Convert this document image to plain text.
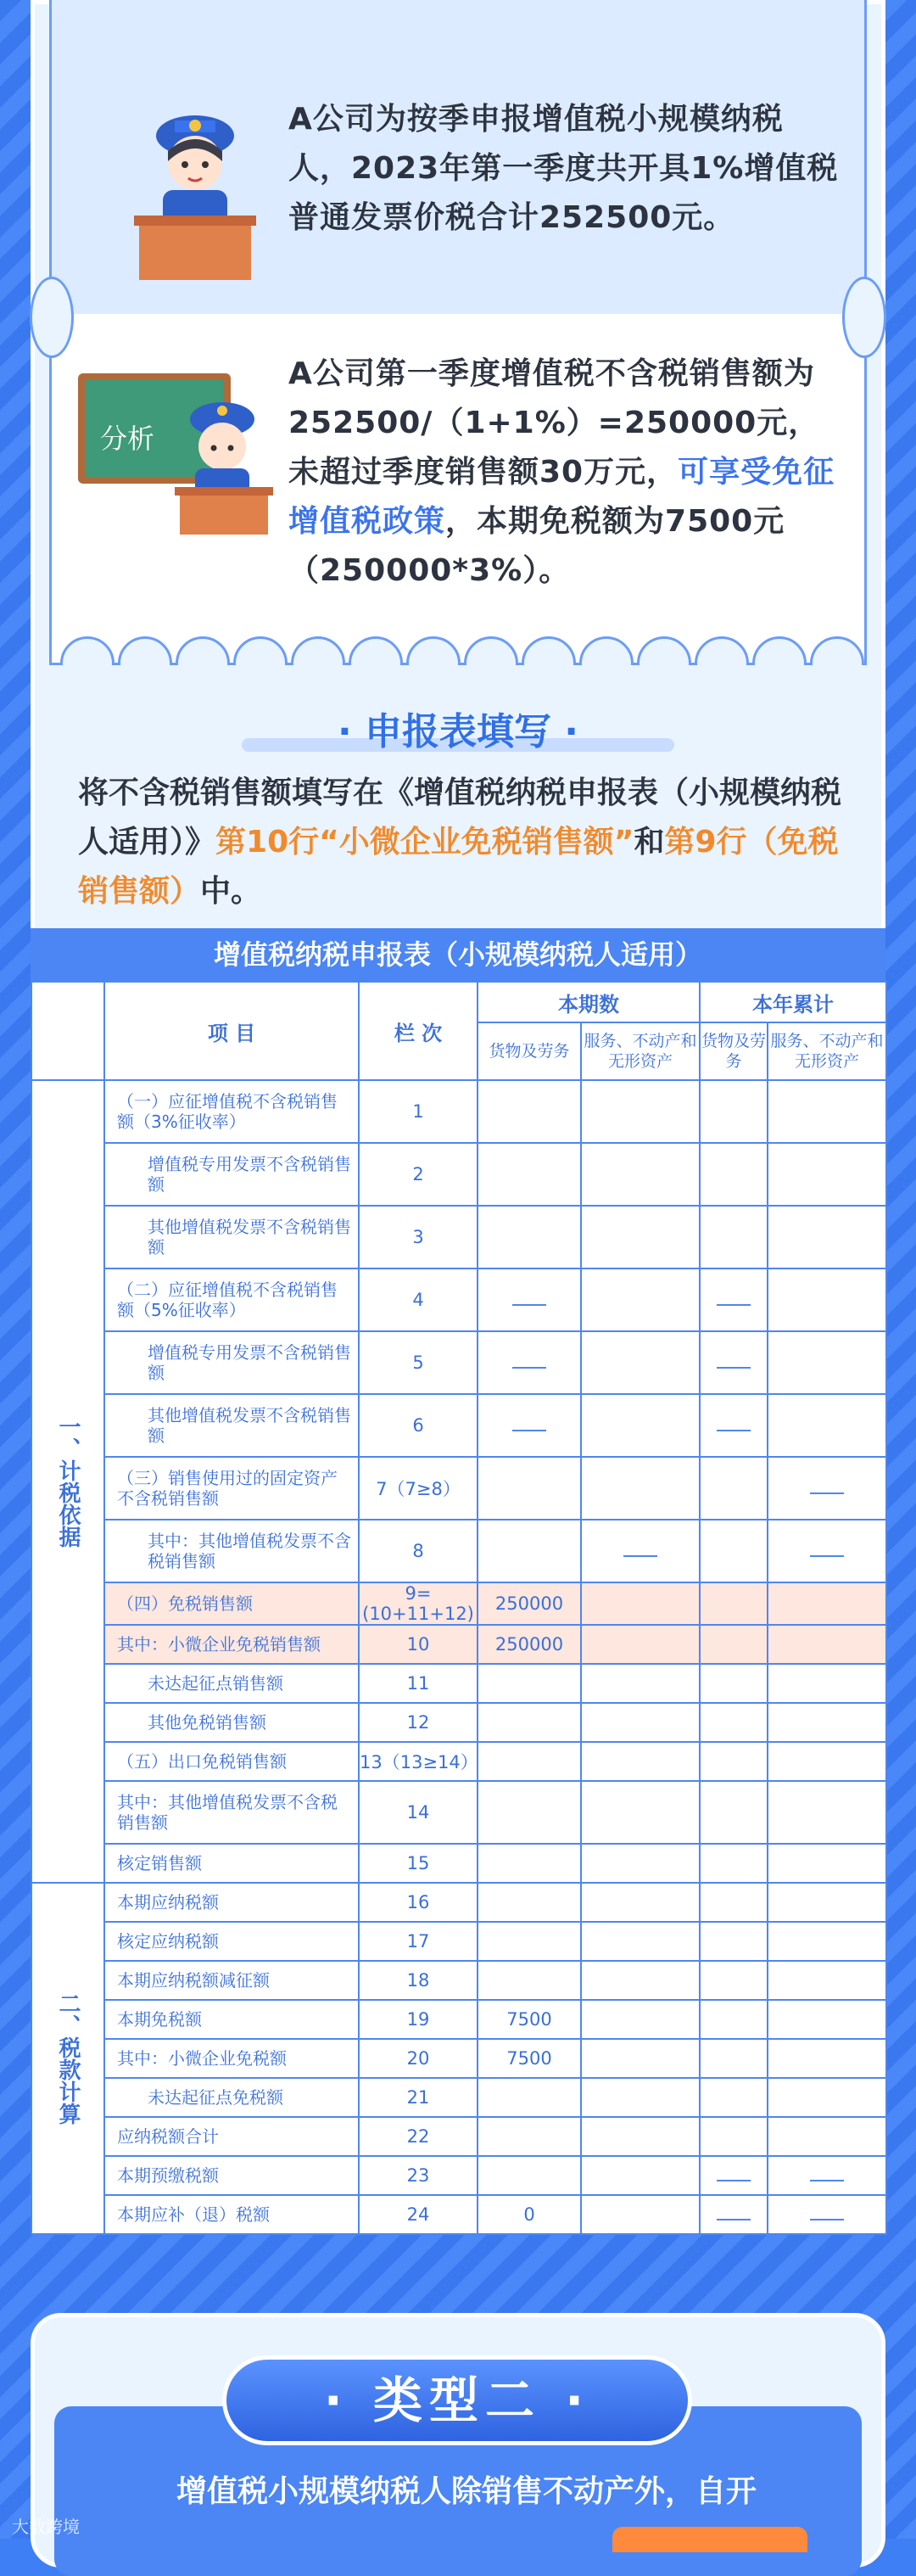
A公司为按季申报增值税小规模纳税人，2023年第一季度共开具1%增值税普通发票价税合计252500元。
分析
A公司第一季度增值税不含税销售额为252500/（1+1%）=250000元，未超过季度销售额30万元，可享受免征增值税政策，本期免税额为7500元（250000*3%）。
· 申报表填写 ·
将不含税销售额填写在《增值税纳税申报表（小规模纳税人适用）》第10行“小微企业免税销售额”和第9行（免税销售额）中。
增值税纳税申报表（小规模纳税人适用）
	项 目	栏 次	本期数		本年累计	
			货物及劳务	服务、不动产和无形资产	货物及劳务	服务、不动产和无形资产
一、计税依据	（一）应征增值税不含税销售额（3%征收率）	1				
	增值税专用发票不含税销售额	2				
	其他增值税发票不含税销售额	3				
	（二）应征增值税不含税销售额（5%征收率）	4				
	增值税专用发票不含税销售额	5				
	其他增值税发票不含税销售额	6				
	（三）销售使用过的固定资产不含税销售额	7（7≥8）				
	其中：其他增值税发票不含税销售额	8				
	（四）免税销售额	9=(10+11+12)	250000			
	其中：小微企业免税销售额	10	250000			
	未达起征点销售额	11				
	其他免税销售额	12				
	（五）出口免税销售额	13（13≥14）				
	其中：其他增值税发票不含税销售额	14				
	核定销售额	15				
二、税款计算	本期应纳税额	16				
	核定应纳税额	17				
	本期应纳税额减征额	18				
	本期免税额	19	7500			
	其中：小微企业免税额	20	7500			
	未达起征点免税额	21				
	应纳税额合计	22				
	本期预缴税额	23				
	本期应补（退）税额	24	0			
· 类型二 ·
增值税小规模纳税人除销售不动产外，自开
大数跨境
